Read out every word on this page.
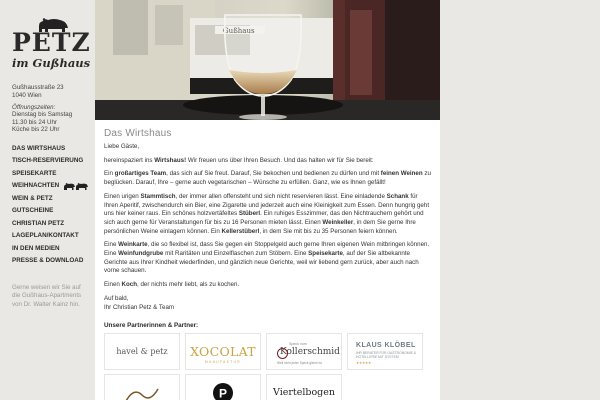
PETZ
im Gußhaus
Gußhausstraße 23
1040 Wien
Öffnungszeiten:
Dienstag bis Samstag
11.30 bis 24 Uhr
Küche bis 22 Uhr
DAS WIRTSHAUS
TISCH-RESERVIERUNG
SPEISEKARTE
WEIHNACHTEN
WEIN & PETZ
GUTSCHEINE
CHRISTIAN PETZ
LAGEPLAN/KONTAKT
IN DEN MEDIEN
PRESSE & DOWNLOAD
Gerne weisen wir Sie auf die Gußhaus-Apartments von Dr. Walter Kainz hin.
Gußhaus
Das Wirtshaus

Liebe Gäste,

hereinspaziert ins Wirtshaus! Wir freuen uns über Ihren Besuch. Und das halten wir für Sie bereit:

Ein großartiges Team, das sich auf Sie freut. Darauf, Sie bekochen und bedienen zu dürfen und mit feinen Weinen zu beglücken. Darauf, Ihre – gerne auch vegetarischen – Wünsche zu erfüllen. Ganz, wie es Ihnen gefällt!

Einen urigen Stammtisch, der immer allen offensteht und sich nicht reservieren lässt. Eine einladende Schank für Ihren Aperitif, zwischendurch ein Bier, eine Zigarette und jederzeit auch eine Kleinigkeit zum Essen. Denn hungrig geht uns hier keiner raus. Ein schönes holzvertäfeltes Stüberl. Ein ruhiges Esszimmer, das den Nichtrauchern gehört und sich auch gerne für Veranstaltungen für bis zu 16 Personen mieten lässt. Einen Weinkeller, in dem Sie gerne Ihre persönlichen Weine einlagern können. Ein Kellerstüberl, in dem Sie mit bis zu 35 Personen feiern können.

Eine Weinkarte, die so flexibel ist, dass Sie gegen ein Stoppelgeld auch gerne Ihren eigenen Wein mitbringen können. Eine Weinfundgrube mit Raritäten und Einzelflaschen zum Stöbern. Eine Speisekarte, auf der Sie altbekannte Gerichte aus Ihrer Kindheit wiederfinden, und gänzlich neue Gerichte, weil wir liebend gern zurück, aber auch nach vorne schauen.

Einen Koch, der nichts mehr liebt, als zu kochen.

Auf bald,
Ihr Christian Petz & Team

Unsere Partnerinnen & Partner:
havel & petz XOCOLAT
MANUFAKTUR
Speck vom
Kollerschmid
Weil nicht jeder Speck gleich ist
KLAUS KLÖBEL
IHR BERATER FÜR GASTRONOMIE & HOTELLERIE MIT SYSTEM
★★★★★
P	Viertelbogen
